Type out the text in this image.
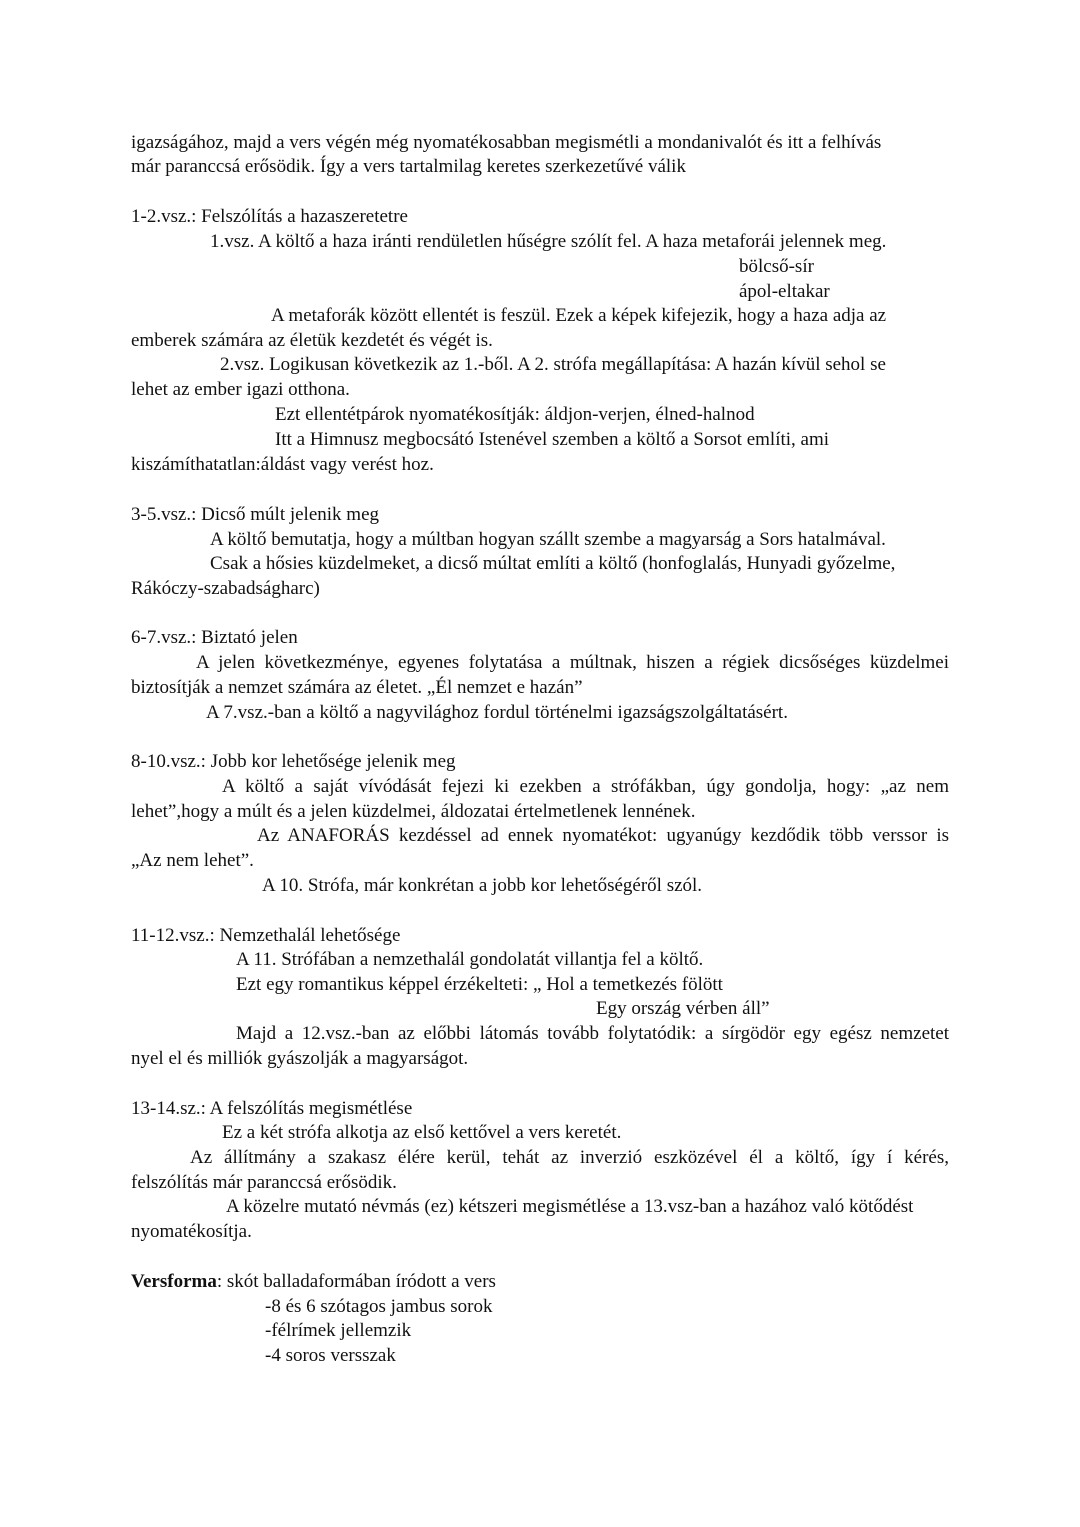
igazságához, majd a vers végén még nyomatékosabban megismétli a mondanivalót és itt a felhívás
már paranccsá erősödik. Így a vers tartalmilag keretes szerkezetűvé válik
1-2.vsz.: Felszólítás a hazaszeretetre
1.vsz. A költő a haza iránti rendületlen hűségre szólít fel. A haza metaforái jelennek meg.
bölcső-sír
ápol-eltakar
A metaforák között ellentét is feszül. Ezek a képek kifejezik, hogy a haza adja az
emberek számára az életük kezdetét és végét is.
2.vsz. Logikusan következik az 1.-ből. A 2. strófa megállapítása: A hazán kívül sehol se
lehet az ember igazi otthona.
Ezt ellentétpárok nyomatékosítják: áldjon-verjen, élned-halnod
Itt a Himnusz megbocsátó Istenével szemben a költő a Sorsot említi, ami
kiszámíthatatlan:áldást vagy verést hoz.
3-5.vsz.: Dicső múlt jelenik meg
A költő bemutatja, hogy a múltban hogyan szállt szembe a magyarság a Sors hatalmával.
Csak a hősies küzdelmeket, a dicső múltat említi a költő (honfoglalás, Hunyadi győzelme,
Rákóczy-szabadságharc)
6-7.vsz.: Biztató jelen
A jelen következménye, egyenes folytatása a múltnak, hiszen a régiek dicsőséges küzdelmei
biztosítják a nemzet számára az életet. „Él nemzet e hazán”
A 7.vsz.-ban a költő a nagyvilághoz fordul történelmi igazságszolgáltatásért.
8-10.vsz.: Jobb kor lehetősége jelenik meg
A költő a saját vívódását fejezi ki ezekben a strófákban, úgy gondolja, hogy: „az nem
lehet”,hogy a múlt és a jelen küzdelmei, áldozatai értelmetlenek lennének.
Az ANAFORÁS kezdéssel ad ennek nyomatékot: ugyanúgy kezdődik több verssor is
„Az nem lehet”.
A 10. Strófa, már konkrétan a jobb kor lehetőségéről szól.
11-12.vsz.: Nemzethalál lehetősége
A 11. Strófában a nemzethalál gondolatát villantja fel a költő.
Ezt egy romantikus képpel érzékelteti: „ Hol a temetkezés fölött
Egy ország vérben áll”
Majd a 12.vsz.-ban az előbbi látomás tovább folytatódik: a sírgödör egy egész nemzetet
nyel el és milliók gyászolják a magyarságot.
13-14.sz.: A felszólítás megismétlése
Ez a két strófa alkotja az első kettővel a vers keretét.
Az állítmány a szakasz élére kerül, tehát az inverzió eszközével él a költő, így í kérés,
felszólítás már paranccsá erősödik.
A közelre mutató névmás (ez) kétszeri megismétlése a 13.vsz-ban a hazához való kötődést
nyomatékosítja.
Versforma: skót balladaformában íródott a vers
-8 és 6 szótagos jambus sorok
-félrímek jellemzik
-4 soros versszak
